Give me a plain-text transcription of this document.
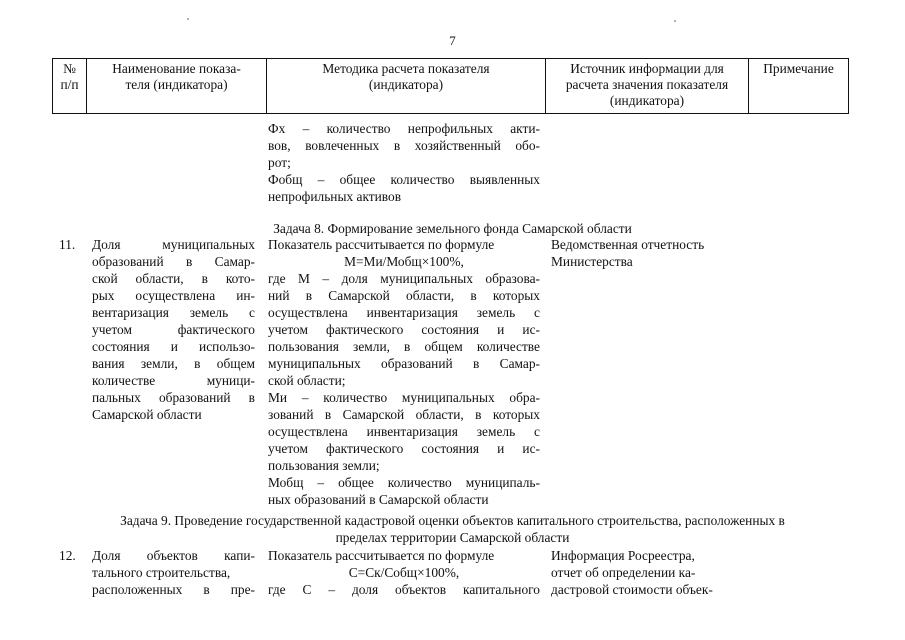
7
№
п/п
Наименование показа-
теля (индикатора)
Методика расчета показателя
(индикатора)
Источник информации для
расчета значения показателя
(индикатора)
Примечание
Фх – количество непрофильных акти-
вов, вовлеченных в хозяйственный обо-
рот;
Фобщ – общее количество выявленных
непрофильных активов
Задача 8. Формирование земельного фонда Самарской области
11.	Доля муниципальных
образований в Самар-
ской области, в кото-
рых осуществлена ин-
вентаризация земель с
учетом фактического
состояния и использо-
вания земли, в общем
количестве муници-
пальных образований в
Самарской области
Показатель рассчитывается по формуле
М=Ми/Мобщ×100%,
где М – доля муниципальных образова-
ний в Самарской области, в которых
осуществлена инвентаризация земель с
учетом фактического состояния и ис-
пользования земли, в общем количестве
муниципальных образований в Самар-
ской области;
Ми – количество муниципальных обра-
зований в Самарской области, в которых
осуществлена инвентаризация земель с
учетом фактического состояния и ис-
пользования земли;
Мобщ – общее количество муниципаль-
ных образований в Самарской области
Ведомственная отчетность
Министерства
Задача 9. Проведение государственной кадастровой оценки объектов капитального строительства, расположенных в
пределах территории Самарской области
12.	Доля объектов капи-
тального строительства,
расположенных в пре-
Показатель рассчитывается по формуле
С=Ск/Собщ×100%,
где С – доля объектов капитального
Информация Росреестра,
отчет об определении ка-
дастровой стоимости объек-
